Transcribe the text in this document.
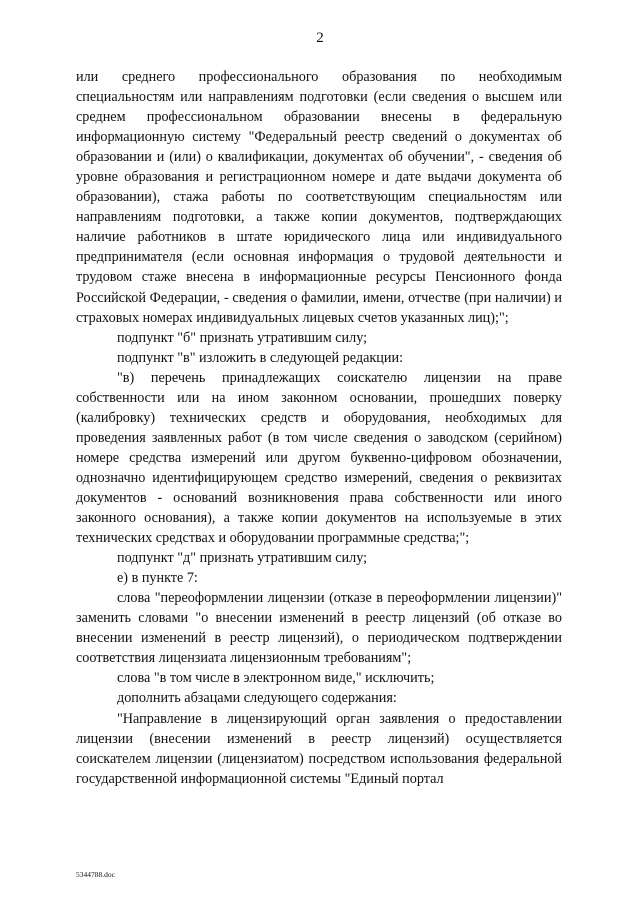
2

или среднего профессионального образования по необходимым специальностям или направлениям подготовки (если сведения о высшем или среднем профессиональном образовании внесены в федеральную информационную систему "Федеральный реестр сведений о документах об образовании и (или) о квалификации, документах об обучении", - сведения об уровне образования и регистрационном номере и дате выдачи документа об образовании), стажа работы по соответствующим специальностям или направлениям подготовки, а также копии документов, подтверждающих наличие работников в штате юридического лица или индивидуального предпринимателя (если основная информация о трудовой деятельности и трудовом стаже внесена в информационные ресурсы Пенсионного фонда Российской Федерации, - сведения о фамилии, имени, отчестве (при наличии) и страховых номерах индивидуальных лицевых счетов указанных лиц);";

подпункт "б" признать утратившим силу;

подпункт "в" изложить в следующей редакции:

"в) перечень принадлежащих соискателю лицензии на праве собственности или на ином законном основании, прошедших поверку (калибровку) технических средств и оборудования, необходимых для проведения заявленных работ (в том числе сведения о заводском (серийном) номере средства измерений или другом буквенно-цифровом обозначении, однозначно идентифицирующем средство измерений, сведения о реквизитах документов - оснований возникновения права собственности или иного законного основания), а также копии документов на используемые в этих технических средствах и оборудовании программные средства;";

подпункт "д" признать утратившим силу;

е) в пункте 7:

слова "переоформлении лицензии (отказе в переоформлении лицензии)" заменить словами "о внесении изменений в реестр лицензий (об отказе во внесении изменений в реестр лицензий), о периодическом подтверждении соответствия лицензиата лицензионным требованиям";

слова "в том числе в электронном виде," исключить;

дополнить абзацами следующего содержания:

"Направление в лицензирующий орган заявления о предоставлении лицензии (внесении изменений в реестр лицензий) осуществляется соискателем лицензии (лицензиатом) посредством использования федеральной государственной информационной системы "Единый портал

5344788.doc
